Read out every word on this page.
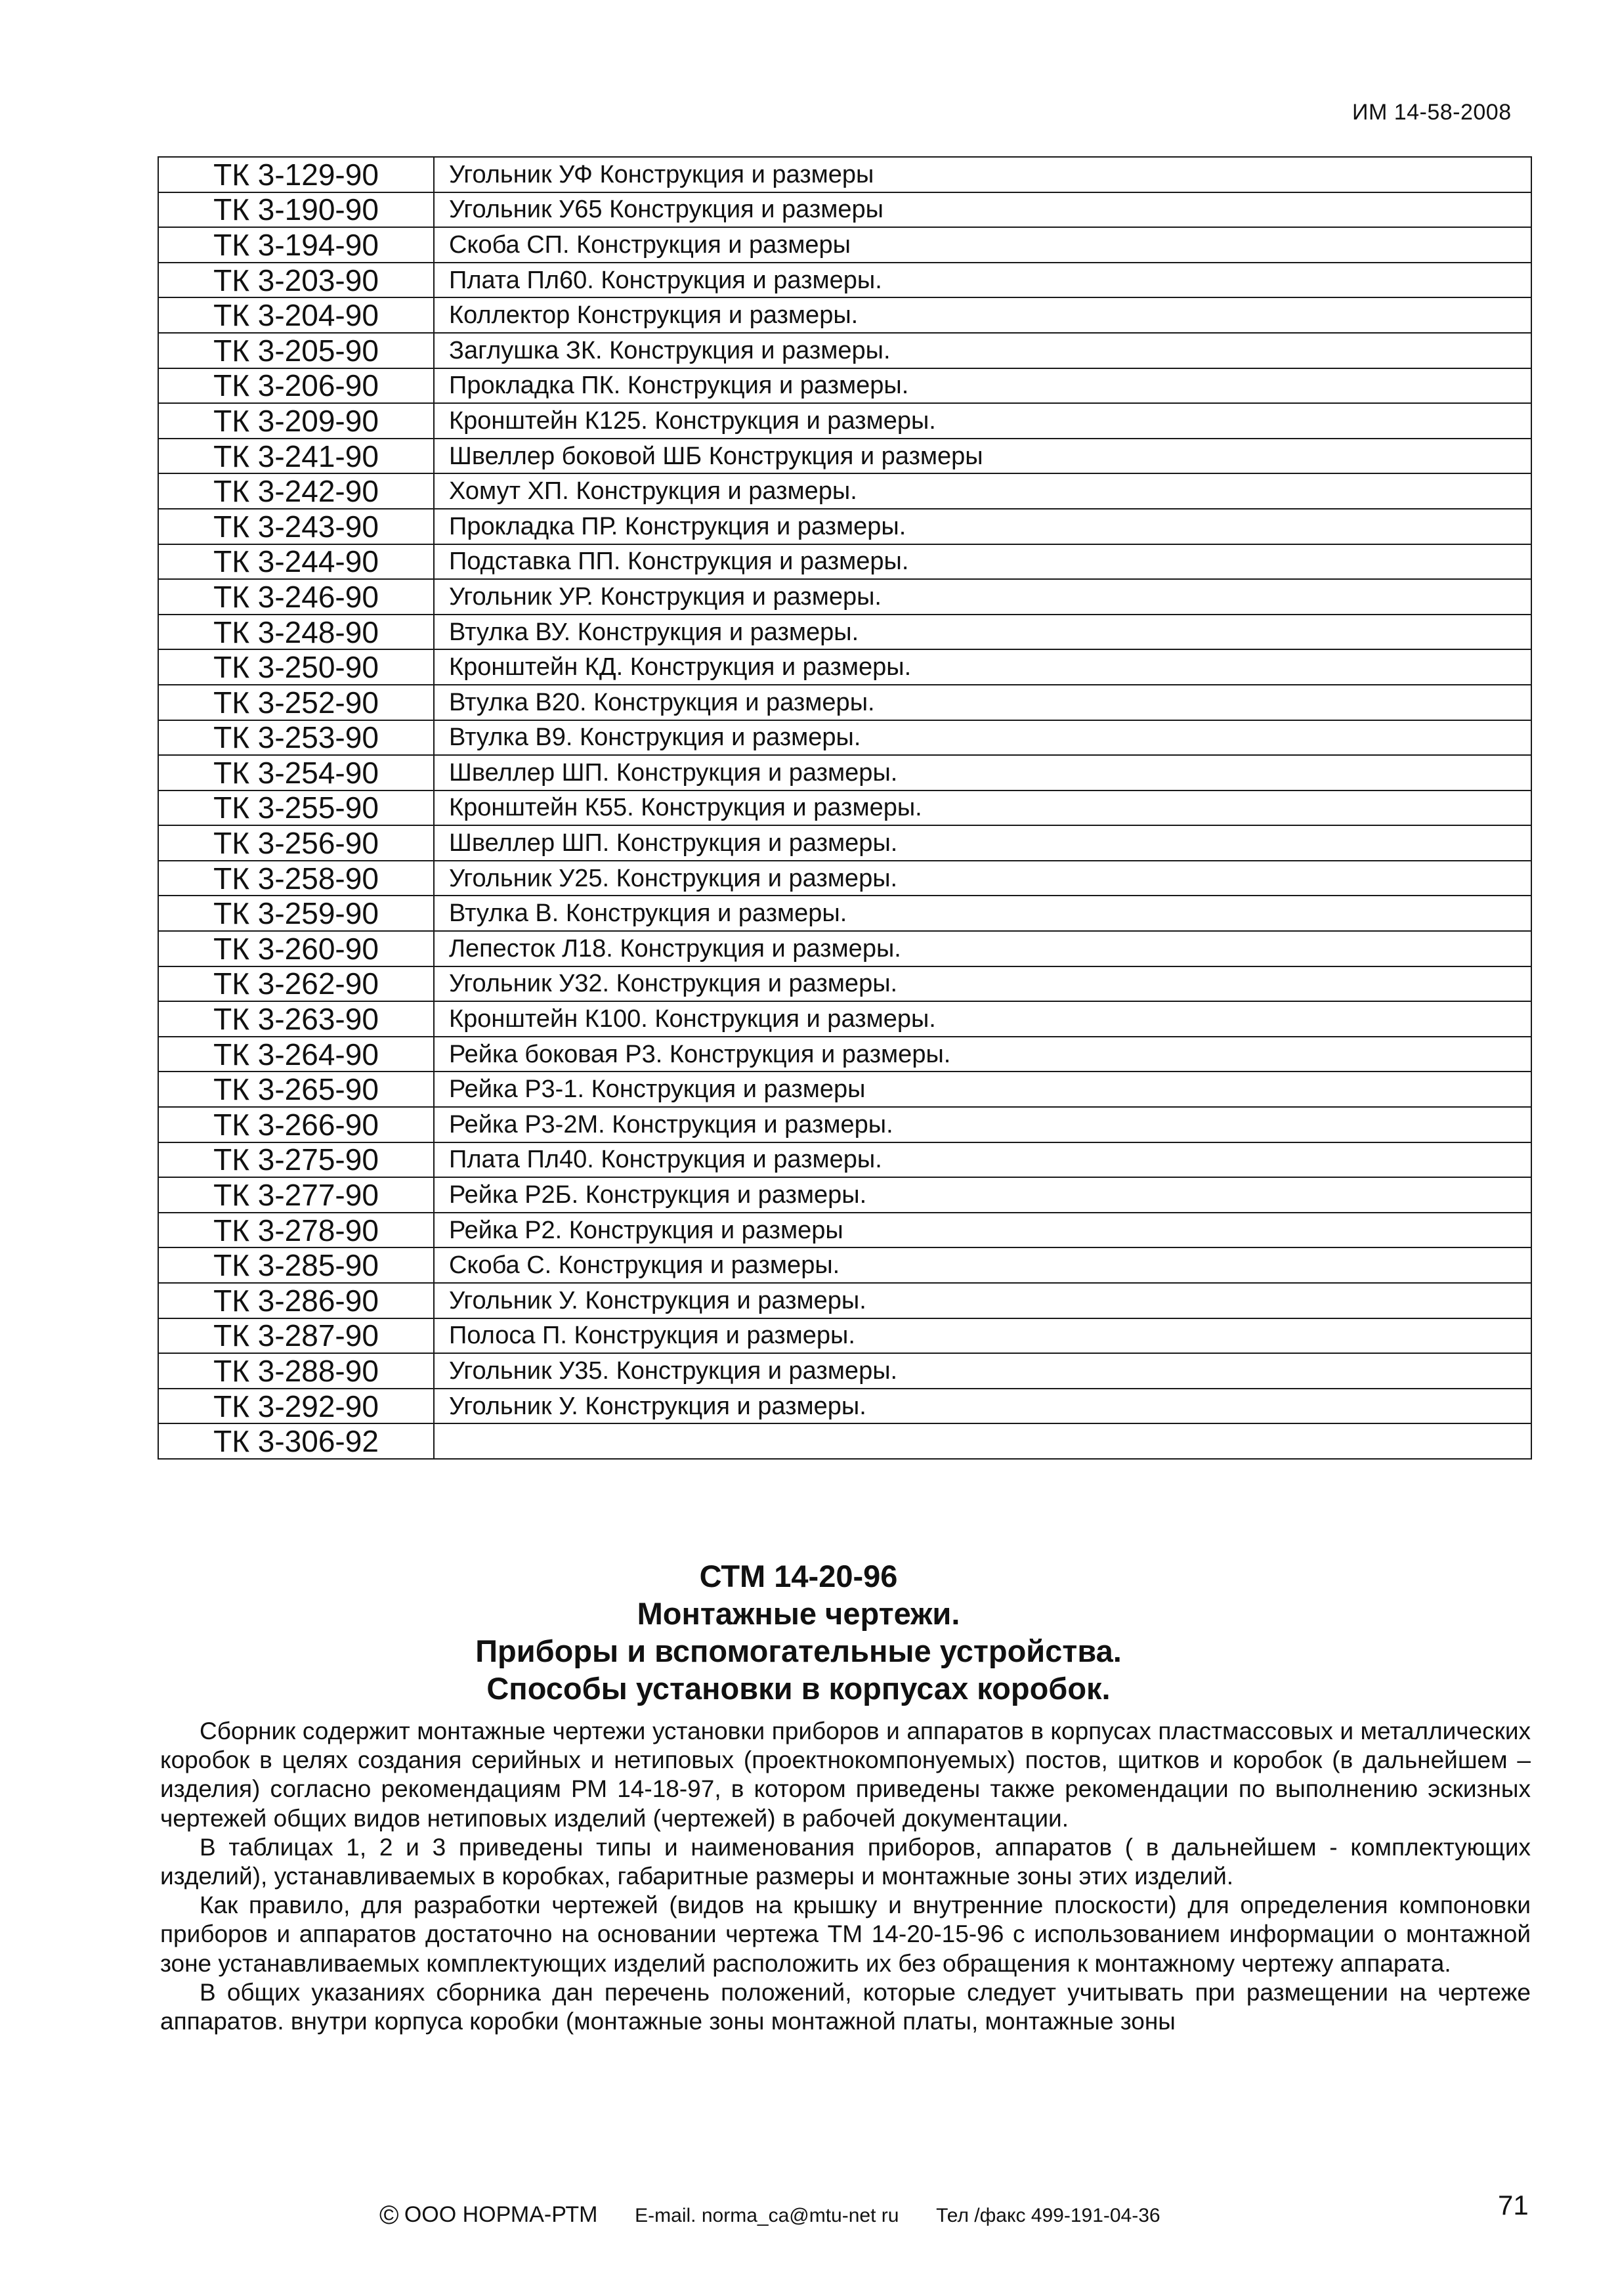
ИМ 14-58-2008
ТК 3-129-90	Угольник УФ Конструкция и размеры
ТК 3-190-90	Угольник У65 Конструкция и размеры
ТК 3-194-90	Скоба СП. Конструкция и размеры
ТК 3-203-90	Плата Пл60. Конструкция и размеры.
ТК 3-204-90	Коллектор Конструкция и размеры.
ТК 3-205-90	Заглушка ЗК. Конструкция и размеры.
ТК 3-206-90	Прокладка ПК. Конструкция и размеры.
ТК 3-209-90	Кронштейн К125. Конструкция и размеры.
ТК 3-241-90	Швеллер боковой ШБ Конструкция и размеры
ТК 3-242-90	Хомут ХП. Конструкция и размеры.
ТК 3-243-90	Прокладка ПР. Конструкция и размеры.
ТК 3-244-90	Подставка ПП. Конструкция и размеры.
ТК 3-246-90	Угольник УР. Конструкция и размеры.
ТК 3-248-90	Втулка ВУ. Конструкция и размеры.
ТК 3-250-90	Кронштейн КД. Конструкция и размеры.
ТК 3-252-90	Втулка В20. Конструкция и размеры.
ТК 3-253-90	Втулка В9. Конструкция и размеры.
ТК 3-254-90	Швеллер ШП. Конструкция и размеры.
ТК 3-255-90	Кронштейн К55. Конструкция и размеры.
ТК 3-256-90	Швеллер ШП. Конструкция и размеры.
ТК 3-258-90	Угольник У25. Конструкция и размеры.
ТК 3-259-90	Втулка В. Конструкция и размеры.
ТК 3-260-90	Лепесток Л18. Конструкция и размеры.
ТК 3-262-90	Угольник У32. Конструкция и размеры.
ТК 3-263-90	Кронштейн К100. Конструкция и размеры.
ТК 3-264-90	Рейка боковая Р3. Конструкция и размеры.
ТК 3-265-90	Рейка Р3-1. Конструкция и размеры
ТК 3-266-90	Рейка Р3-2М. Конструкция и размеры.
ТК 3-275-90	Плата Пл40. Конструкция и размеры.
ТК 3-277-90	Рейка Р2Б. Конструкция и размеры.
ТК 3-278-90	Рейка Р2. Конструкция и размеры
ТК 3-285-90	Скоба С. Конструкция и размеры.
ТК 3-286-90	Угольник У. Конструкция и размеры.
ТК 3-287-90	Полоса П. Конструкция и размеры.
ТК 3-288-90	Угольник У35. Конструкция и размеры.
ТК 3-292-90	Угольник У. Конструкция и размеры.
ТК 3-306-92	
СТМ 14-20-96
Монтажные чертежи.
Приборы и вспомогательные устройства.
Способы установки в корпусах коробок.

Сборник содержит монтажные чертежи установки приборов и аппаратов в корпусах пластмассовых и металлических коробок в целях создания серийных и нетиповых (проектнокомпонуемых) постов, щитков и коробок (в дальнейшем – изделия) согласно рекомендациям РМ 14-18-97, в котором приведены также рекомендации по выполнению эскизных чертежей общих видов нетиповых изделий (чертежей) в рабочей документации.

В таблицах 1, 2 и 3 приведены типы и наименования приборов, аппаратов ( в дальнейшем - комплектующих изделий), устанавливаемых в коробках, габаритные размеры и монтажные зоны этих изделий.

Как правило, для разработки чертежей (видов на крышку и внутренние плоскости) для определения компоновки приборов и аппаратов достаточно на основании чертежа ТМ 14-20-15-96 с использованием информации о монтажной зоне устанавливаемых комплектующих изделий расположить их без обращения к монтажному чертежу аппарата.

В общих указаниях сборника дан перечень положений, которые следует учитывать при размещении на чертеже аппаратов. внутри корпуса коробки (монтажные зоны монтажной платы, монтажные зоны

© ООО НОРМА-РТМ E-mail. norma_ca@mtu-net ru Тел /факс 499-191-04-36	71
